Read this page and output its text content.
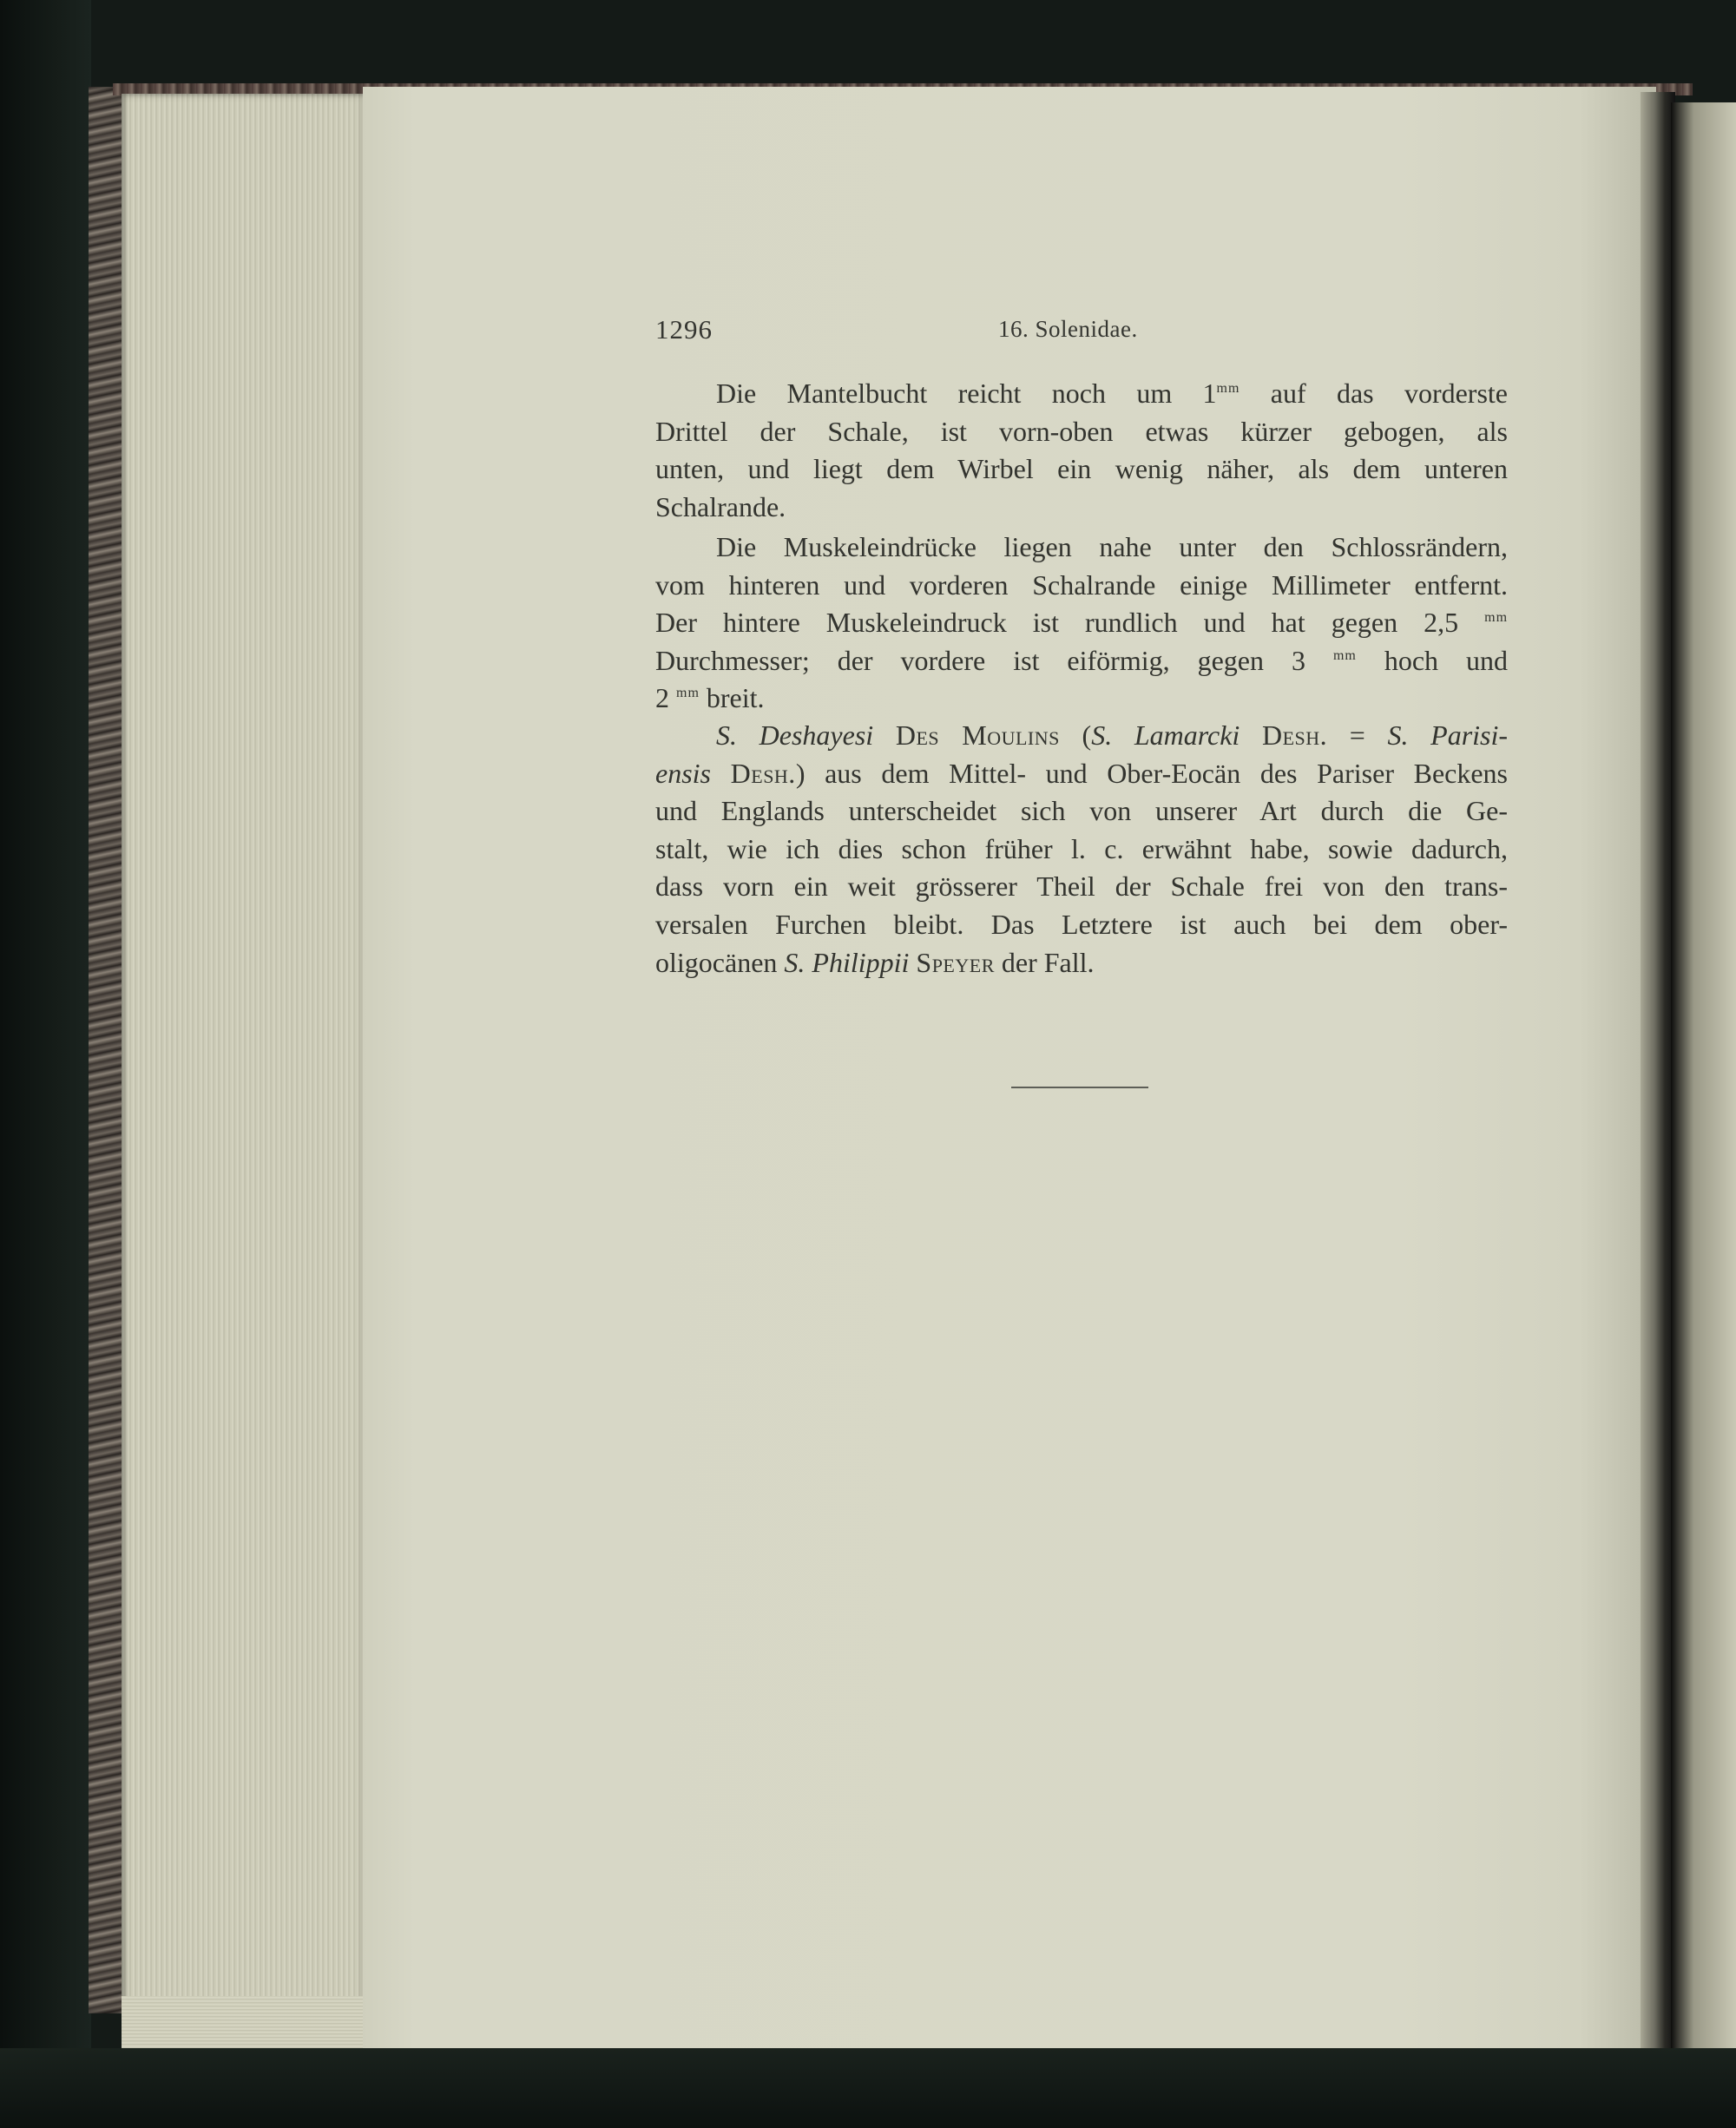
1296	16. Solenidae.
Die Mantelbucht reicht noch um $1^{mm}$ auf das vorderste
Drittel der Schale, ist vorn-oben etwas kürzer gebogen, als
unten, und liegt dem Wirbel ein wenig näher, als dem unteren
Schalrande.
Die Muskeleindrücke liegen nahe unter den Schlossrändern,
vom hinteren und vorderen Schalrande einige Millimeter entfernt.
Der hintere Muskeleindruck ist rundlich und hat gegen 2,5 $^{mm}$
Durchmesser; der vordere ist eiförmig, gegen 3 $^{mm}$ hoch und
2 $^{mm}$ breit.
S. Deshayesi Des Moulins (S. Lamarcki Desh. = S. Parisi-
ensis Desh.) aus dem Mittel- und Ober-Eocän des Pariser Beckens
und Englands unterscheidet sich von unserer Art durch die Ge-
stalt, wie ich dies schon früher l. c. erwähnt habe, sowie dadurch,
dass vorn ein weit grösserer Theil der Schale frei von den trans-
versalen Furchen bleibt. Das Letztere ist auch bei dem ober-
oligocänen S. Philippii Speyer der Fall.
